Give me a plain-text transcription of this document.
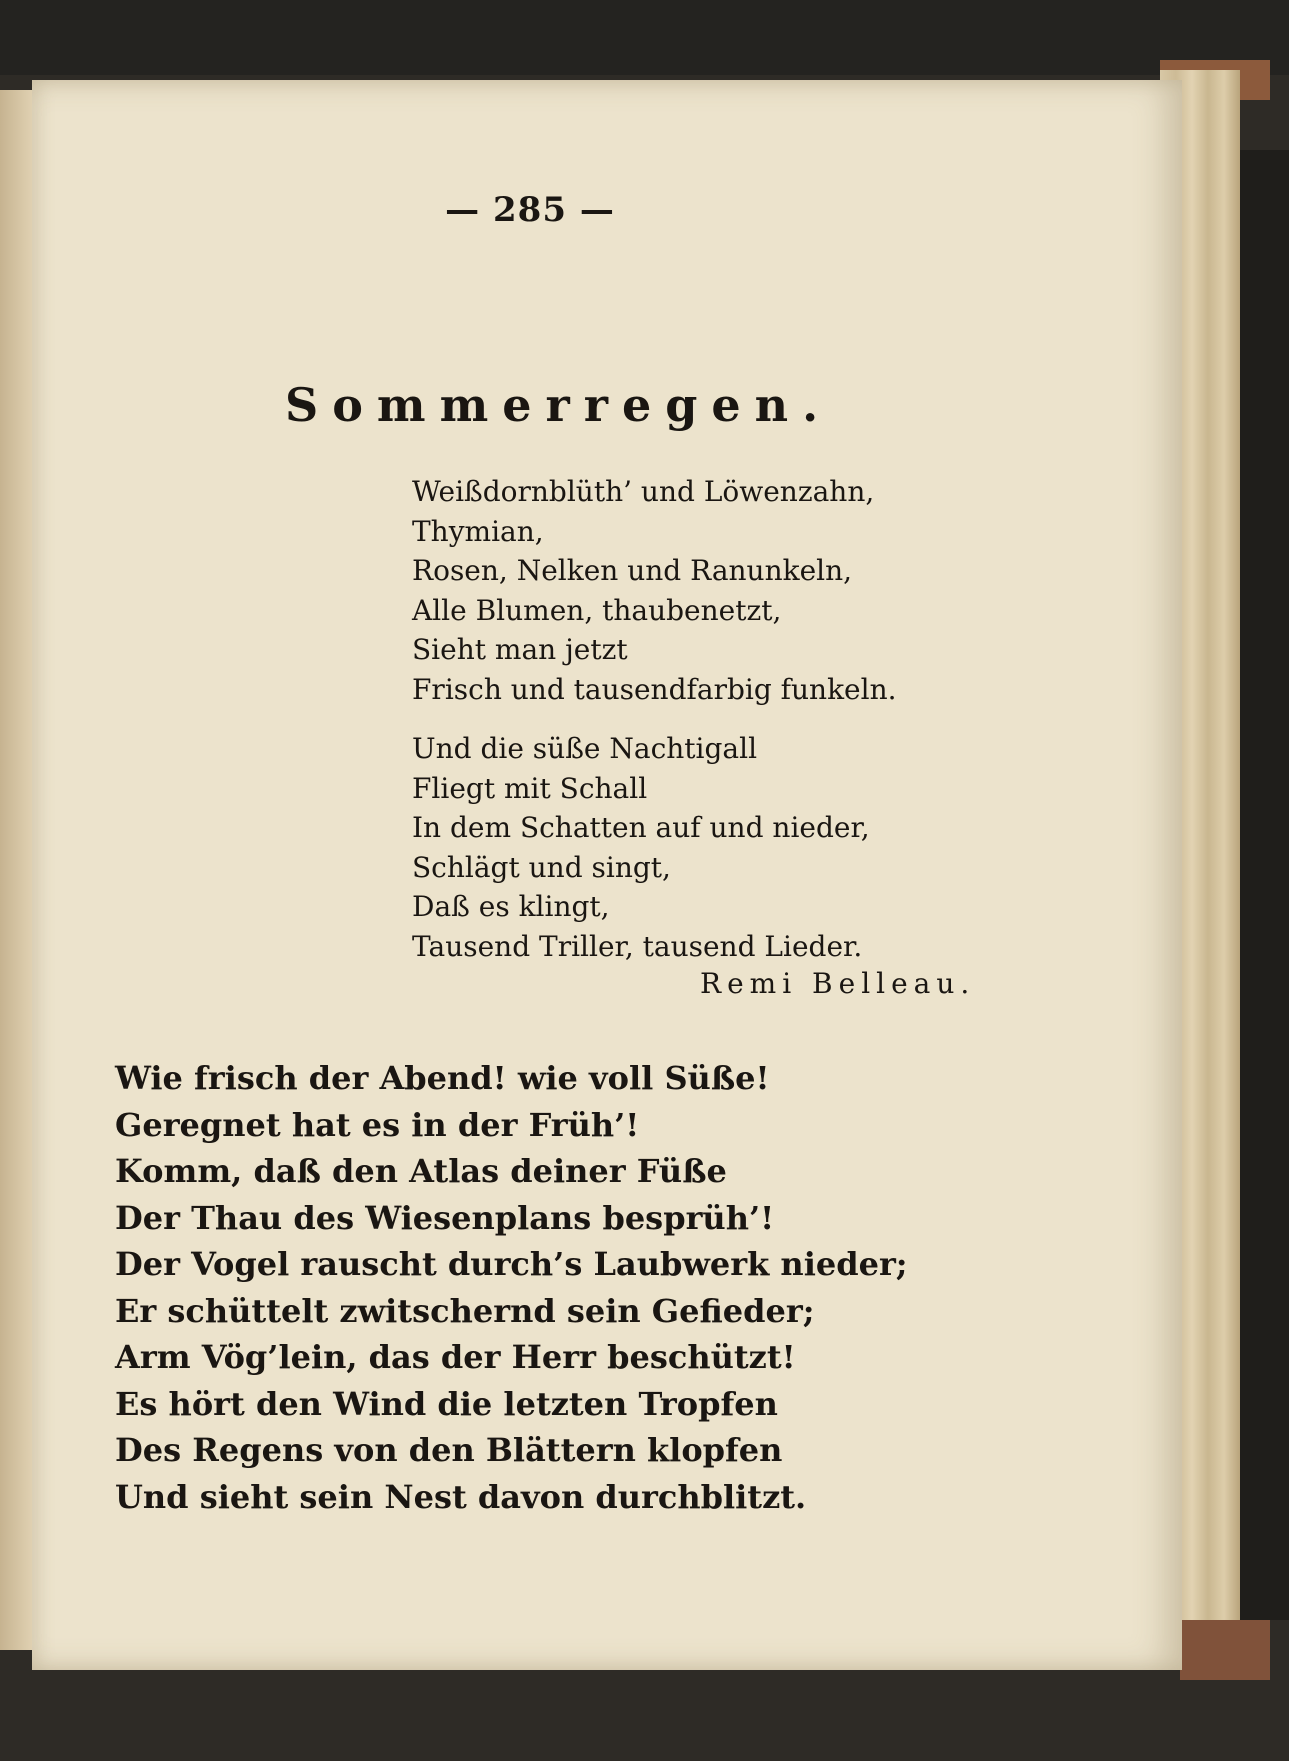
— 285 —
Sommerregen.
Weißdornblüth’ und Löwenzahn,
Thymian,
Rosen, Nelken und Ranunkeln,
Alle Blumen, thaubenetzt,
Sieht man jetzt
Frisch und tausendfarbig funkeln.
Und die süße Nachtigall
Fliegt mit Schall
In dem Schatten auf und nieder,
Schlägt und singt,
Daß es klingt,
Tausend Triller, tausend Lieder.
Remi Belleau.
Wie frisch der Abend! wie voll Süße!
Geregnet hat es in der Früh’!
Komm, daß den Atlas deiner Füße
Der Thau des Wiesenplans besprüh’!
Der Vogel rauscht durch’s Laubwerk nieder;
Er schüttelt zwitschernd sein Gefieder;
Arm Vög’lein, das der Herr beschützt!
Es hört den Wind die letzten Tropfen
Des Regens von den Blättern klopfen
Und sieht sein Nest davon durchblitzt.
